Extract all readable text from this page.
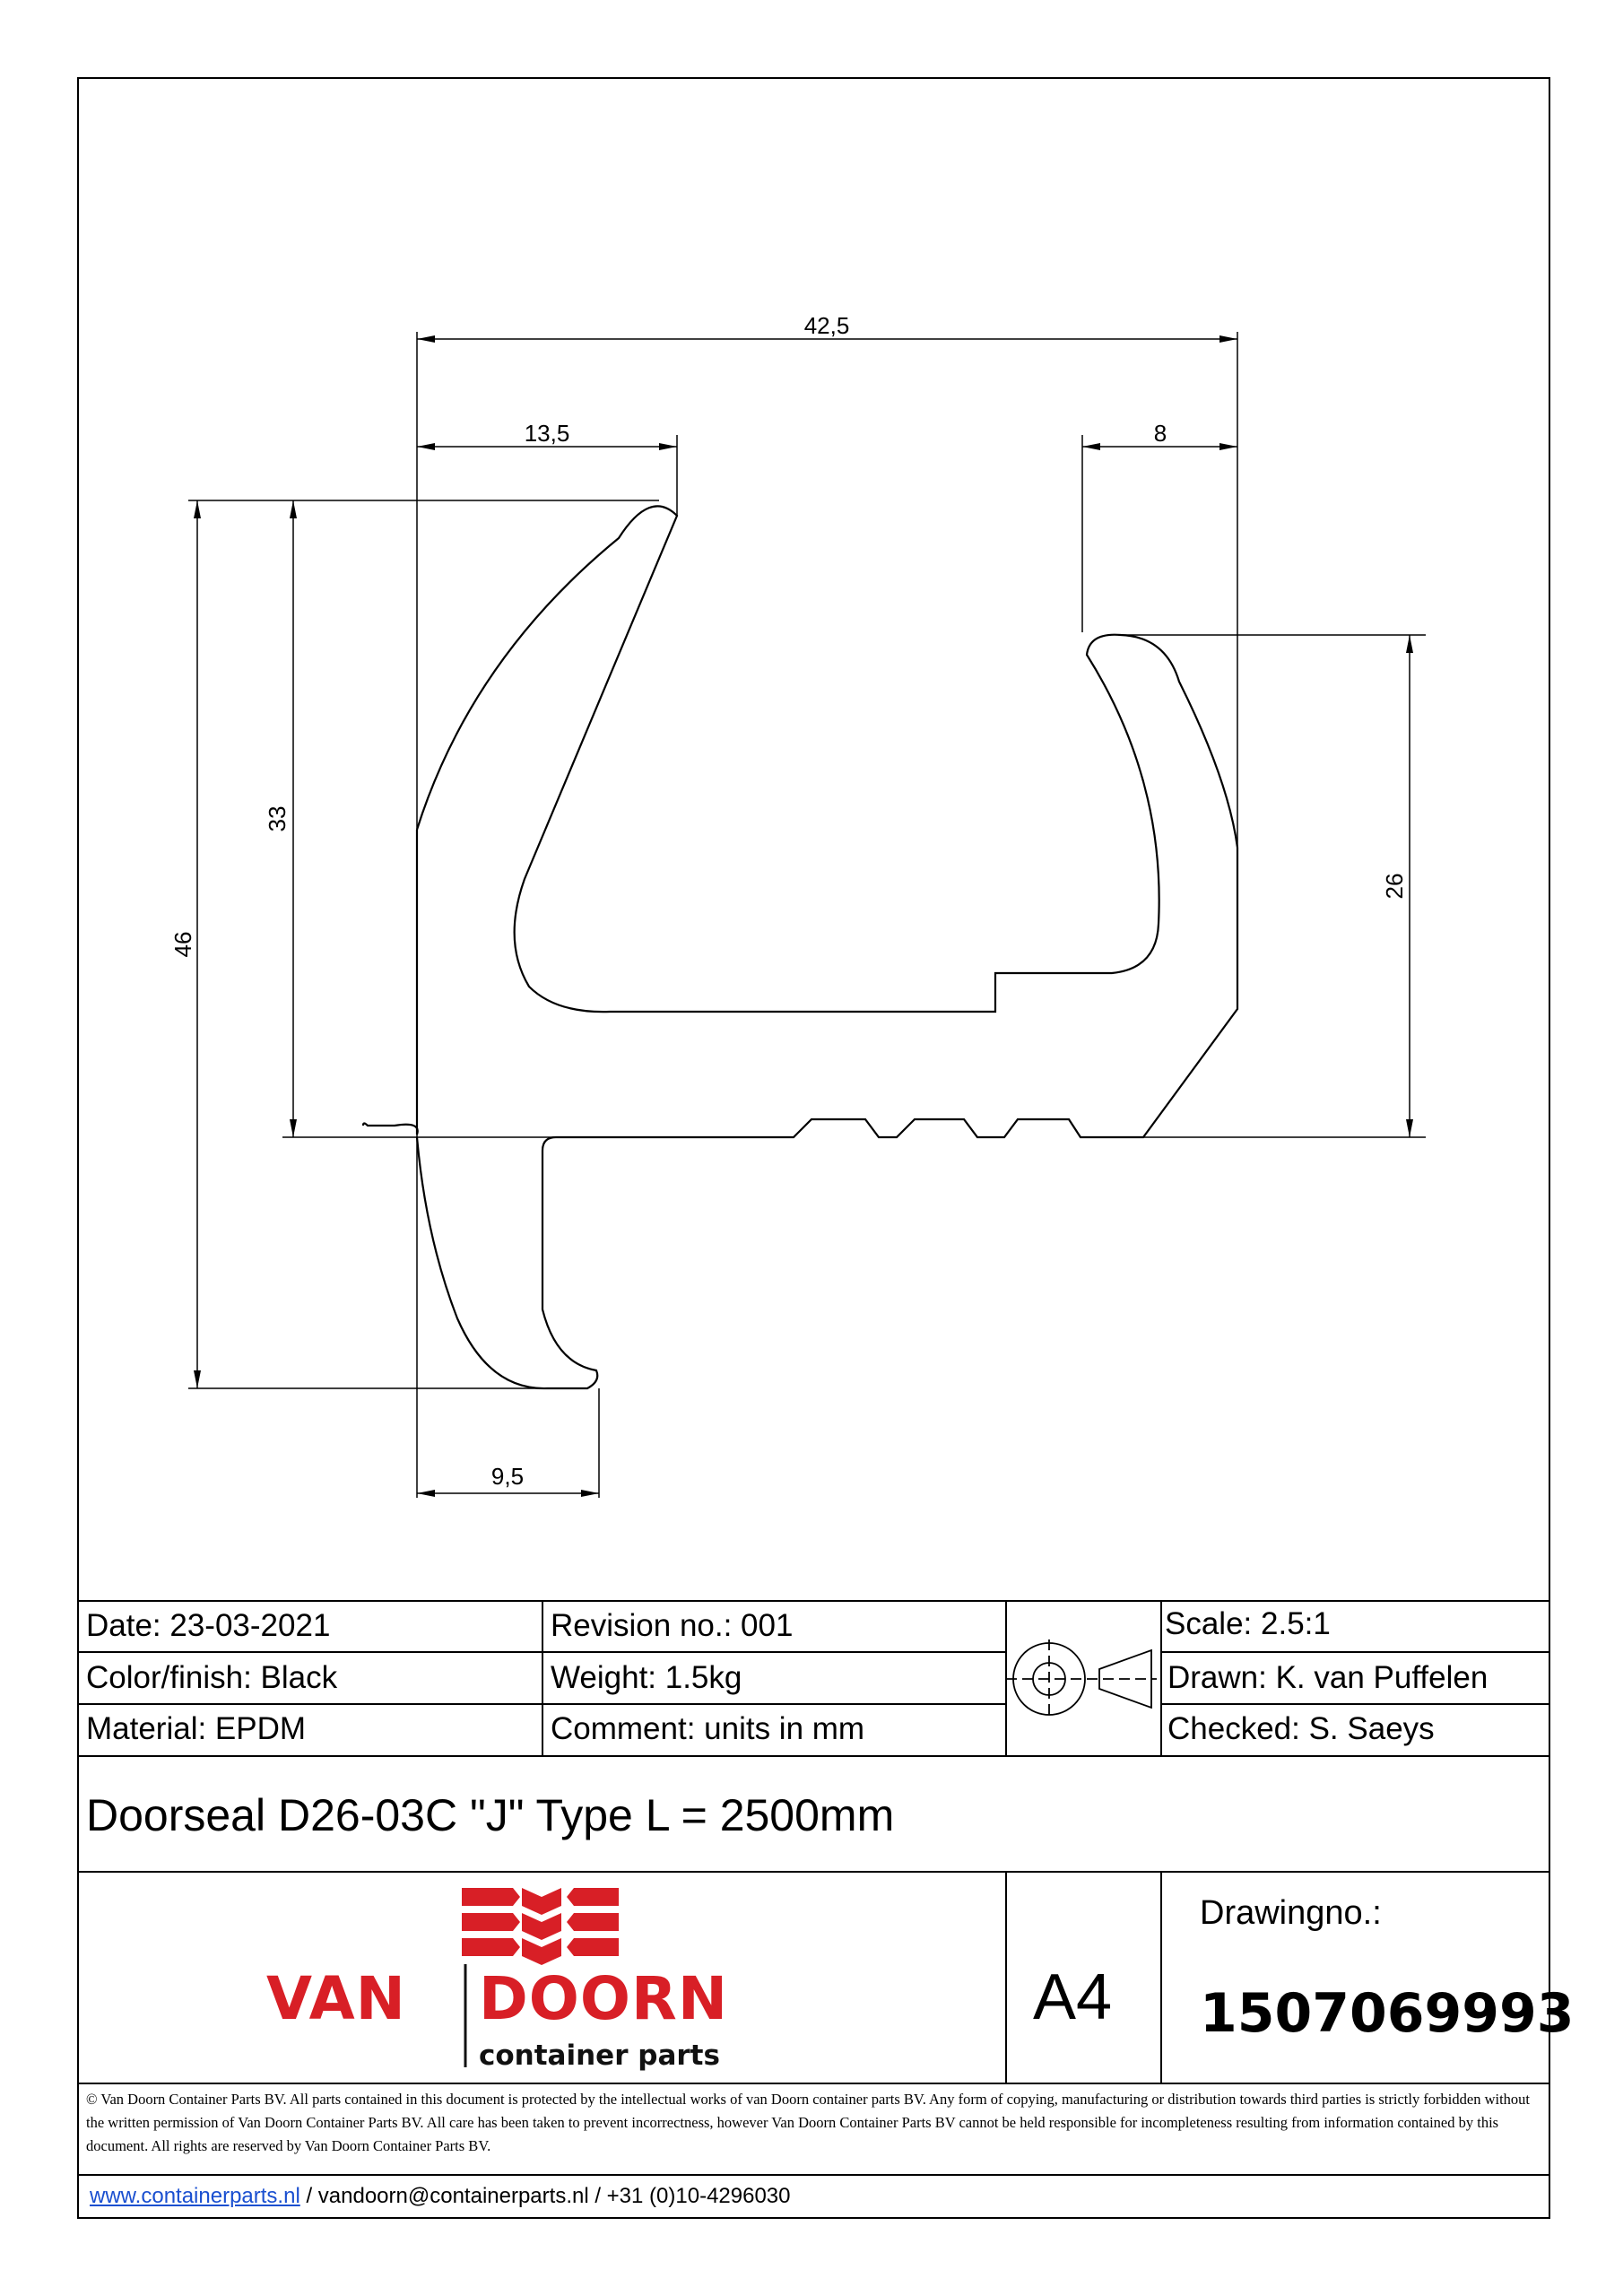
42,5
13,5	8
9,5
46
33
26
Date: 23-03-2021	Revision no.: 001	Scale: 2.5:1
Color/finish: Black	Weight: 1.5kg	Drawn: K. van Puffelen
Material: EPDM	Comment: units in mm	Checked: S. Saeys
Doorseal D26-03C "J" Type L = 2500mm
VAN DOORN
container parts
A4
Drawingno.:
1507069993
© Van Doorn Container Parts BV. All parts contained in this document is protected by the intellectual works of van Doorn container parts BV. Any form of copying, manufacturing or distribution towards third parties is strictly forbidden without the written permission of Van Doorn Container Parts BV. All care has been taken to prevent incorrectness, however Van Doorn Container Parts BV cannot be held responsible for incompleteness resulting from information contained by this document. All rights are reserved by Van Doorn Container Parts BV.
www.containerparts.nl / vandoorn@containerparts.nl / +31 (0)10-4296030
